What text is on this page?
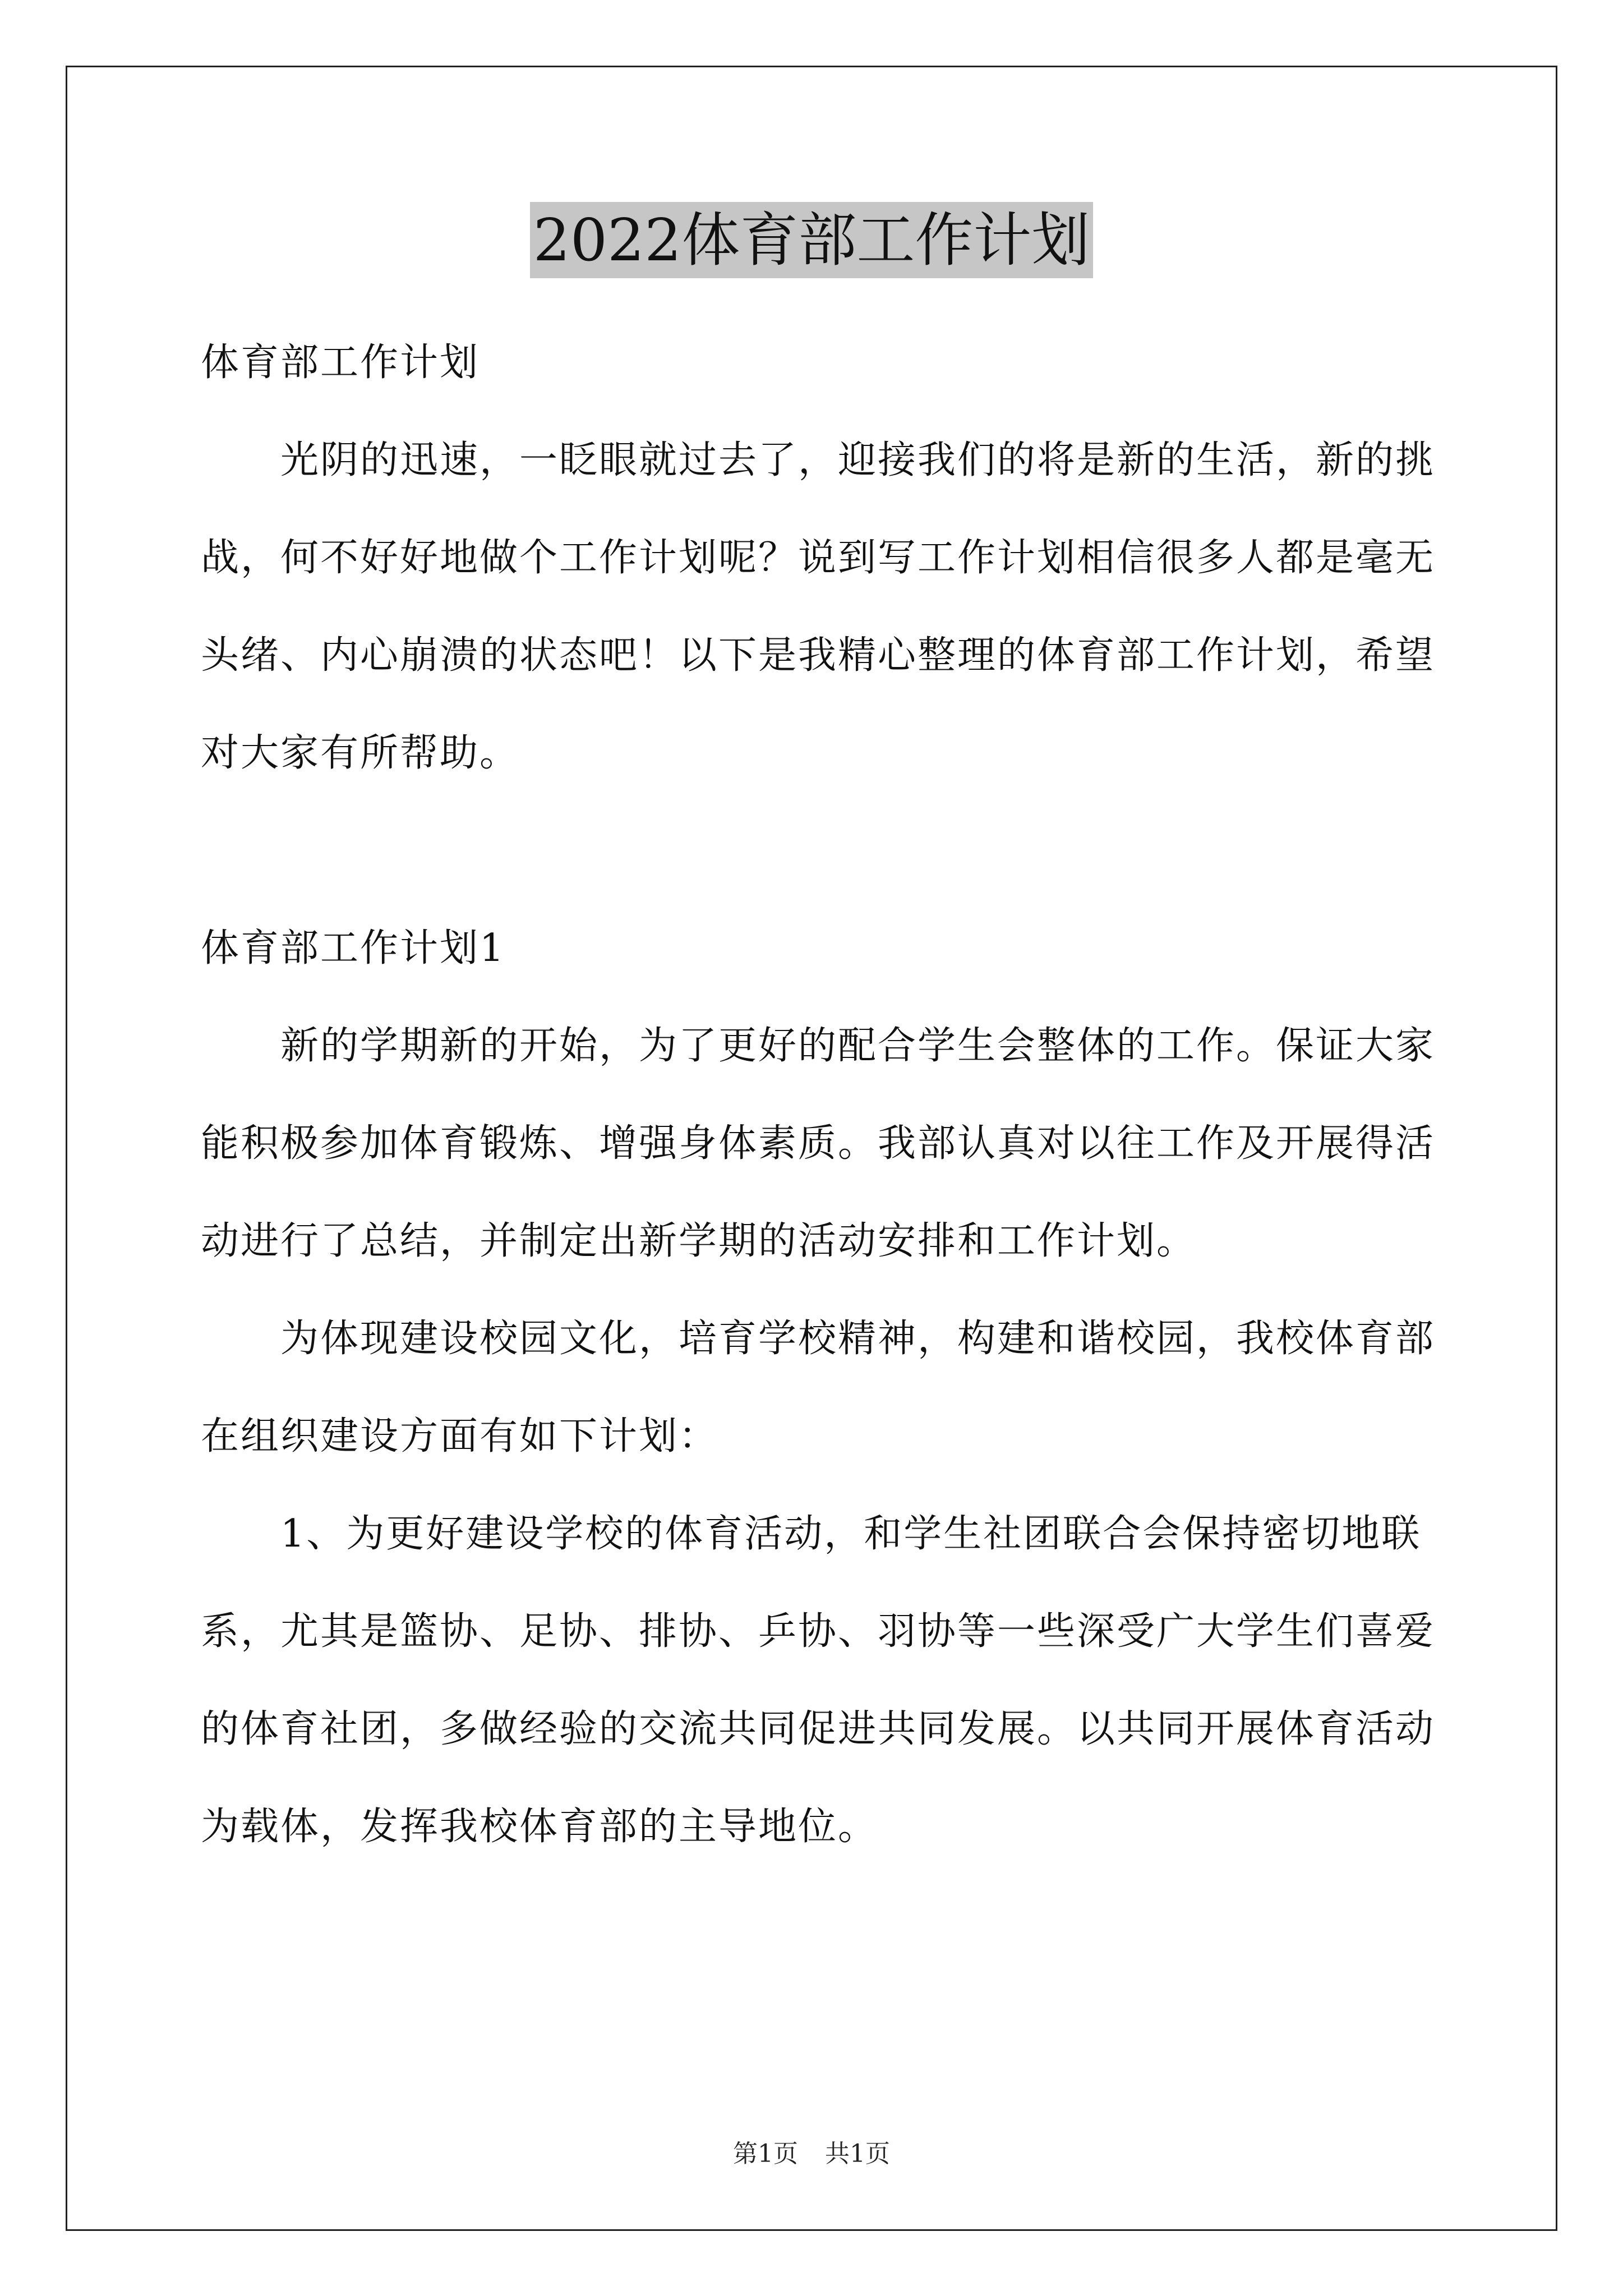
2022体育部工作计划

体育部工作计划

光阴的迅速，一眨眼就过去了，迎接我们的将是新的生活，新的挑战，何不好好地做个工作计划呢？说到写工作计划相信很多人都是毫无头绪、内心崩溃的状态吧！以下是我精心整理的体育部工作计划，希望对大家有所帮助。

体育部工作计划1

新的学期新的开始，为了更好的配合学生会整体的工作。保证大家能积极参加体育锻炼、增强身体素质。我部认真对以往工作及开展得活动进行了总结，并制定出新学期的活动安排和工作计划。

为体现建设校园文化，培育学校精神，构建和谐校园，我校体育部在组织建设方面有如下计划：

1、为更好建设学校的体育活动，和学生社团联合会保持密切地联系，尤其是篮协、足协、排协、乒协、羽协等一些深受广大学生们喜爱的体育社团，多做经验的交流共同促进共同发展。以共同开展体育活动为载体，发挥我校体育部的主导地位。

第1页 共1页
